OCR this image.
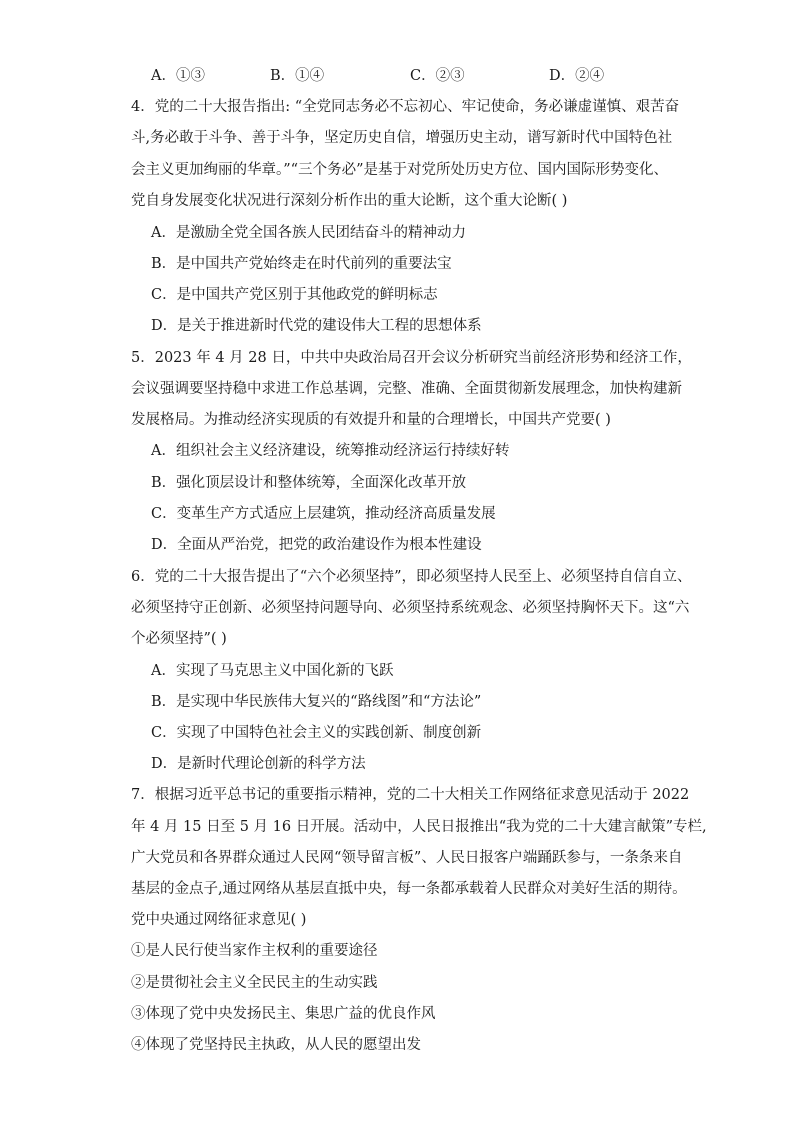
A．①③	B．①④	C．②③	D．②④
4．党的二十大报告指出: “全党同志务必不忘初心、牢记使命，务必谦虚谨慎、艰苦奋
斗,务必敢于斗争、善于斗争，坚定历史自信，增强历史主动，谱写新时代中国特色社
会主义更加绚丽的华章。”“三个务必”是基于对党所处历史方位、国内国际形势变化、
党自身发展变化状况进行深刻分析作出的重大论断，这个重大论断( )
A．是激励全党全国各族人民团结奋斗的精神动力
B．是中国共产党始终走在时代前列的重要法宝
C．是中国共产党区别于其他政党的鲜明标志
D．是关于推进新时代党的建设伟大工程的思想体系
5．2023 年 4 月 28 日，中共中央政治局召开会议分析研究当前经济形势和经济工作，
会议强调要坚持稳中求进工作总基调，完整、准确、全面贯彻新发展理念，加快构建新
发展格局。为推动经济实现质的有效提升和量的合理增长，中国共产党要( )
A．组织社会主义经济建设，统筹推动经济运行持续好转
B．强化顶层设计和整体统筹，全面深化改革开放
C．变革生产方式适应上层建筑，推动经济高质量发展
D．全面从严治党，把党的政治建设作为根本性建设
6．党的二十大报告提出了“六个必须坚持”，即必须坚持人民至上、必须坚持自信自立、
必须坚持守正创新、必须坚持问题导向、必须坚持系统观念、必须坚持胸怀天下。这“六
个必须坚持”( )
A．实现了马克思主义中国化新的飞跃
B．是实现中华民族伟大复兴的“路线图”和“方法论”
C．实现了中国特色社会主义的实践创新、制度创新
D．是新时代理论创新的科学方法
7．根据习近平总书记的重要指示精神，党的二十大相关工作网络征求意见活动于 2022
年 4 月 15 日至 5 月 16 日开展。活动中，人民日报推出“我为党的二十大建言献策”专栏,
广大党员和各界群众通过人民网“领导留言板”、人民日报客户端踊跃参与，一条条来自
基层的金点子,通过网络从基层直抵中央，每一条都承载着人民群众对美好生活的期待。
党中央通过网络征求意见( )
①是人民行使当家作主权利的重要途径
②是贯彻社会主义全民民主的生动实践
③体现了党中央发扬民主、集思广益的优良作风
④体现了党坚持民主执政，从人民的愿望出发
